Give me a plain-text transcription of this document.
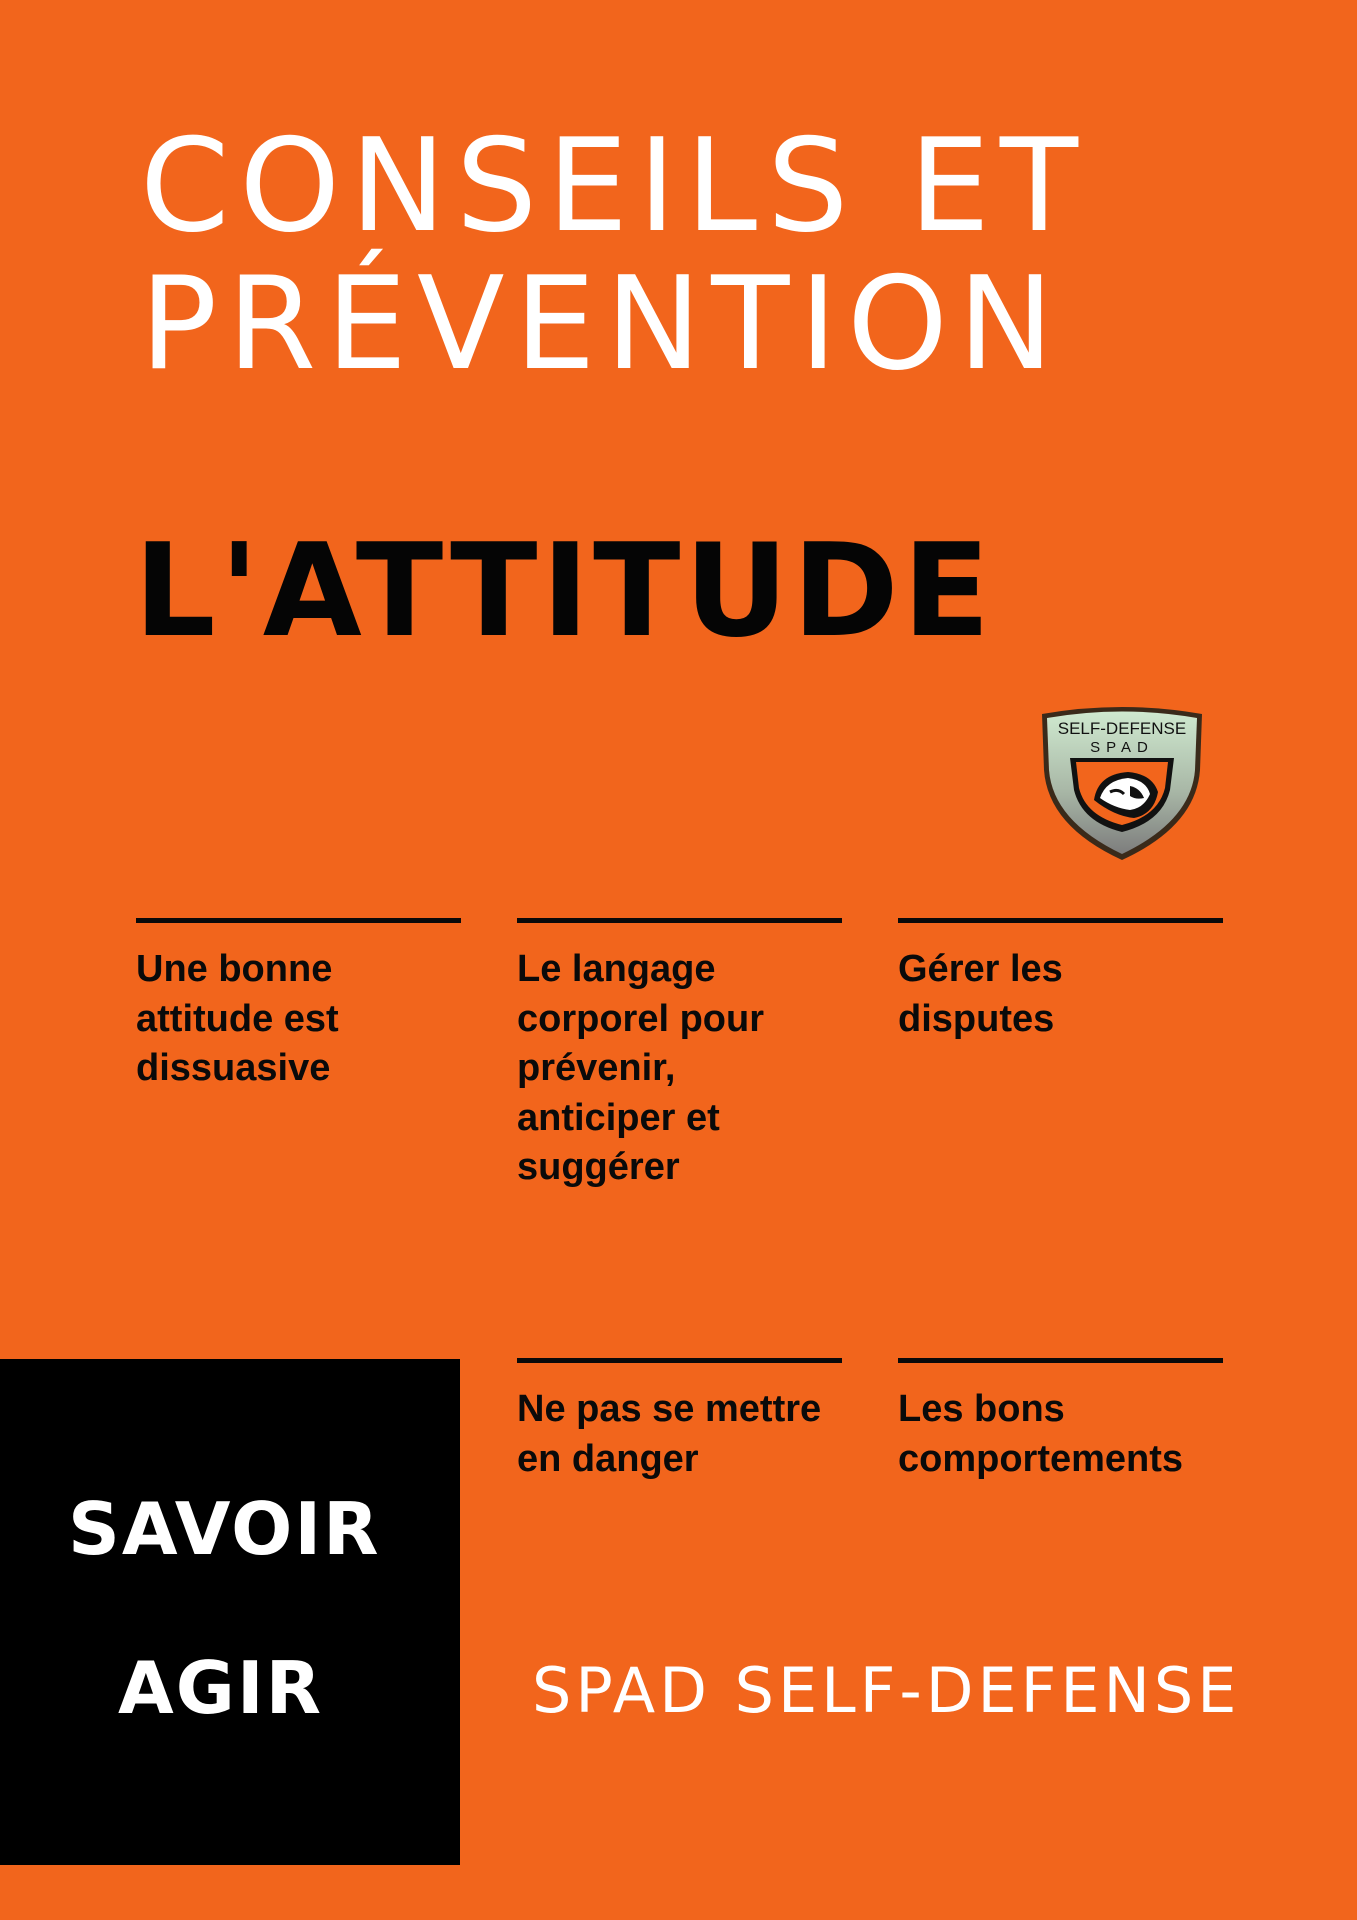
CONSEILS ET
PRÉVENTION
L'ATTITUDE
SELF-DEFENSE
SPAD
Une bonne attitude est dissuasive
Le langage corporel pour prévenir, anticiper et suggérer
Gérer les disputes
Ne pas se mettre en danger
Les bons comportements
SAVOIR
AGIR	SPAD SELF-DEFENSE
